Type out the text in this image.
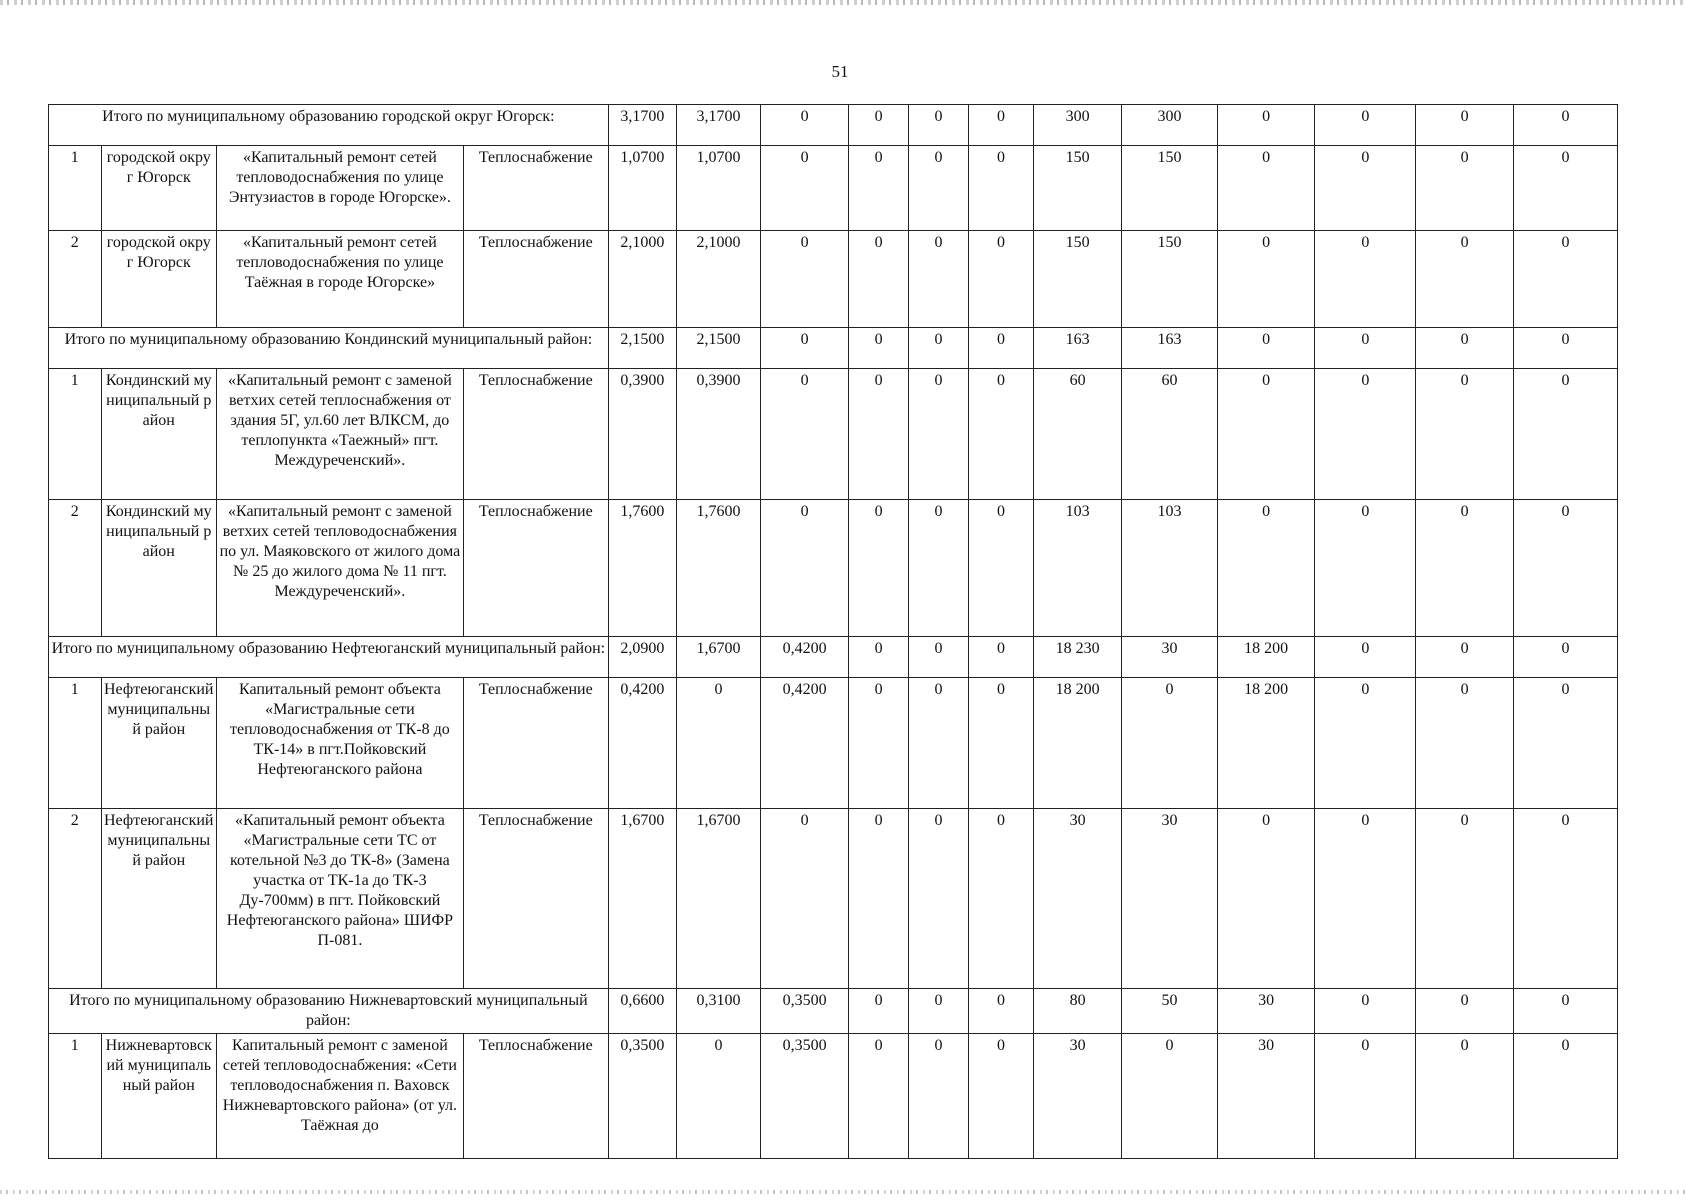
51
Итого по муниципальному образованию городской округ Югорск:				3,1700	3,1700	0	0	0	0	300	300	0	0	0	0
1	городской округ Югорск	«Капитальный ремонт сетей тепловодоснабжения по улице Энтузиастов в городе Югорске».	Теплоснабжение	1,0700	1,0700	0	0	0	0	150	150	0	0	0	0
2	городской округ Югорск	«Капитальный ремонт сетей тепловодоснабжения по улице Таёжная в городе Югорске»	Теплоснабжение	2,1000	2,1000	0	0	0	0	150	150	0	0	0	0
Итого по муниципальному образованию Кондинский муниципальный район:				2,1500	2,1500	0	0	0	0	163	163	0	0	0	0
1	Кондинский муниципальный район	«Капитальный ремонт с заменой ветхих сетей теплоснабжения от здания 5Г, ул.60 лет ВЛКСМ, до теплопункта «Таежный» пгт. Междуреченский».	Теплоснабжение	0,3900	0,3900	0	0	0	0	60	60	0	0	0	0
2	Кондинский муниципальный район	«Капитальный ремонт с заменой ветхих сетей тепловодоснабжения по ул. Маяковского от жилого дома № 25 до жилого дома № 11 пгт. Междуреченский».	Теплоснабжение	1,7600	1,7600	0	0	0	0	103	103	0	0	0	0
Итого по муниципальному образованию Нефтеюганский муниципальный район:				2,0900	1,6700	0,4200	0	0	0	18 230	30	18 200	0	0	0
1	Нефтеюганский муниципальный район	Капитальный ремонт объекта «Магистральные сети тепловодоснабжения от ТК-8 до ТК-14» в пгт.Пойковский Нефтеюганского района	Теплоснабжение	0,4200	0	0,4200	0	0	0	18 200	0	18 200	0	0	0
2	Нефтеюганский муниципальный район	«Капитальный ремонт объекта «Магистральные сети ТС от котельной №3 до ТК-8» (Замена участка от ТК-1а до ТК-3 Ду-700мм) в пгт. Пойковский Нефтеюганского района» ШИФР П-081.	Теплоснабжение	1,6700	1,6700	0	0	0	0	30	30	0	0	0	0
Итого по муниципальному образованию Нижневартовский муниципальный район:				0,6600	0,3100	0,3500	0	0	0	80	50	30	0	0	0
1	Нижневартовский муниципальный район	Капитальный ремонт с заменой сетей тепловодоснабжения: «Сети тепловодоснабжения п. Ваховск Нижневартовского района» (от ул. Таёжная до	Теплоснабжение	0,3500	0	0,3500	0	0	0	30	0	30	0	0	0
